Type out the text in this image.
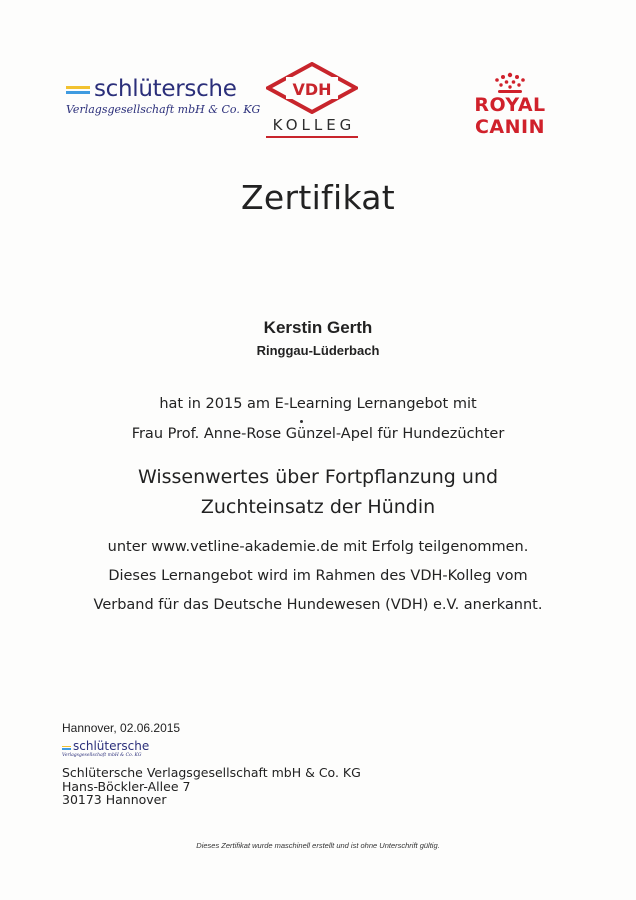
schlütersche
Verlagsgesellschaft mbH & Co. KG
VDH
KOLLEG
ROYAL CANIN
Zertifikat
Kerstin Gerth
Ringgau-Lüderbach
hat in 2015 am E-Learning Lernangebot mit
Frau Prof. Anne-Rose Günzel-Apel für Hundezüchter
Wissenwertes über Fortpflanzung und
Zuchteinsatz der Hündin
unter www.vetline-akademie.de mit Erfolg teilgenommen.
Dieses Lernangebot wird im Rahmen des VDH-Kolleg vom
Verband für das Deutsche Hundewesen (VDH) e.V. anerkannt.
Hannover, 02.06.2015
schlütersche
Verlagsgesellschaft mbH & Co. KG
Schlütersche Verlagsgesellschaft mbH & Co. KG
Hans-Böckler-Allee 7
30173 Hannover
Dieses Zertifikat wurde maschinell erstellt und ist ohne Unterschrift gültig.
